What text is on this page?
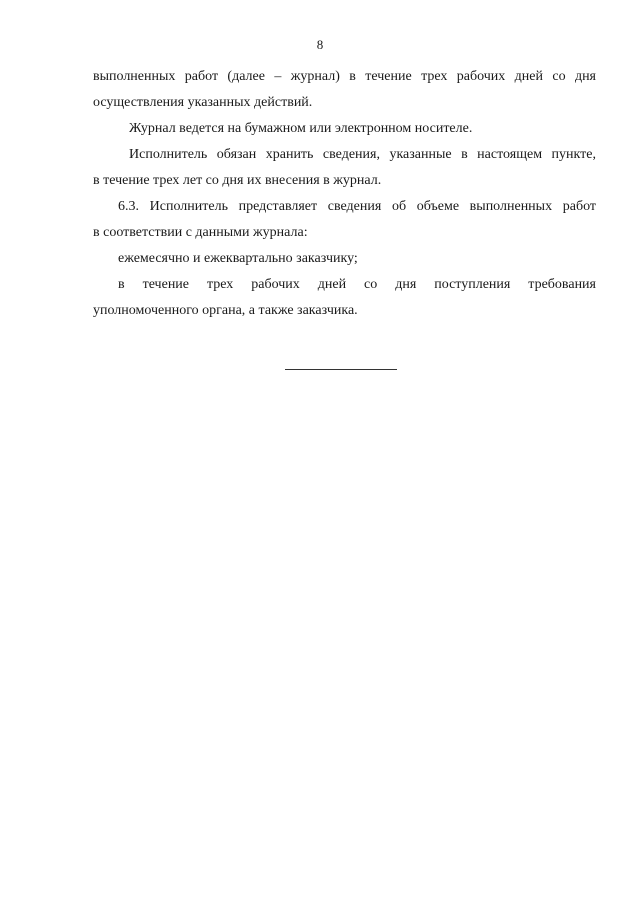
8
выполненных работ (далее – журнал) в течение трех рабочих дней со дня
осуществления указанных действий.
Журнал ведется на бумажном или электронном носителе.
Исполнитель обязан хранить сведения, указанные в настоящем пункте,
в течение трех лет со дня их внесения в журнал.
6.3. Исполнитель представляет сведения об объеме выполненных работ
в соответствии с данными журнала:
ежемесячно и ежеквартально заказчику;
в течение трех рабочих дней со дня поступления требования
уполномоченного органа, а также заказчика.
